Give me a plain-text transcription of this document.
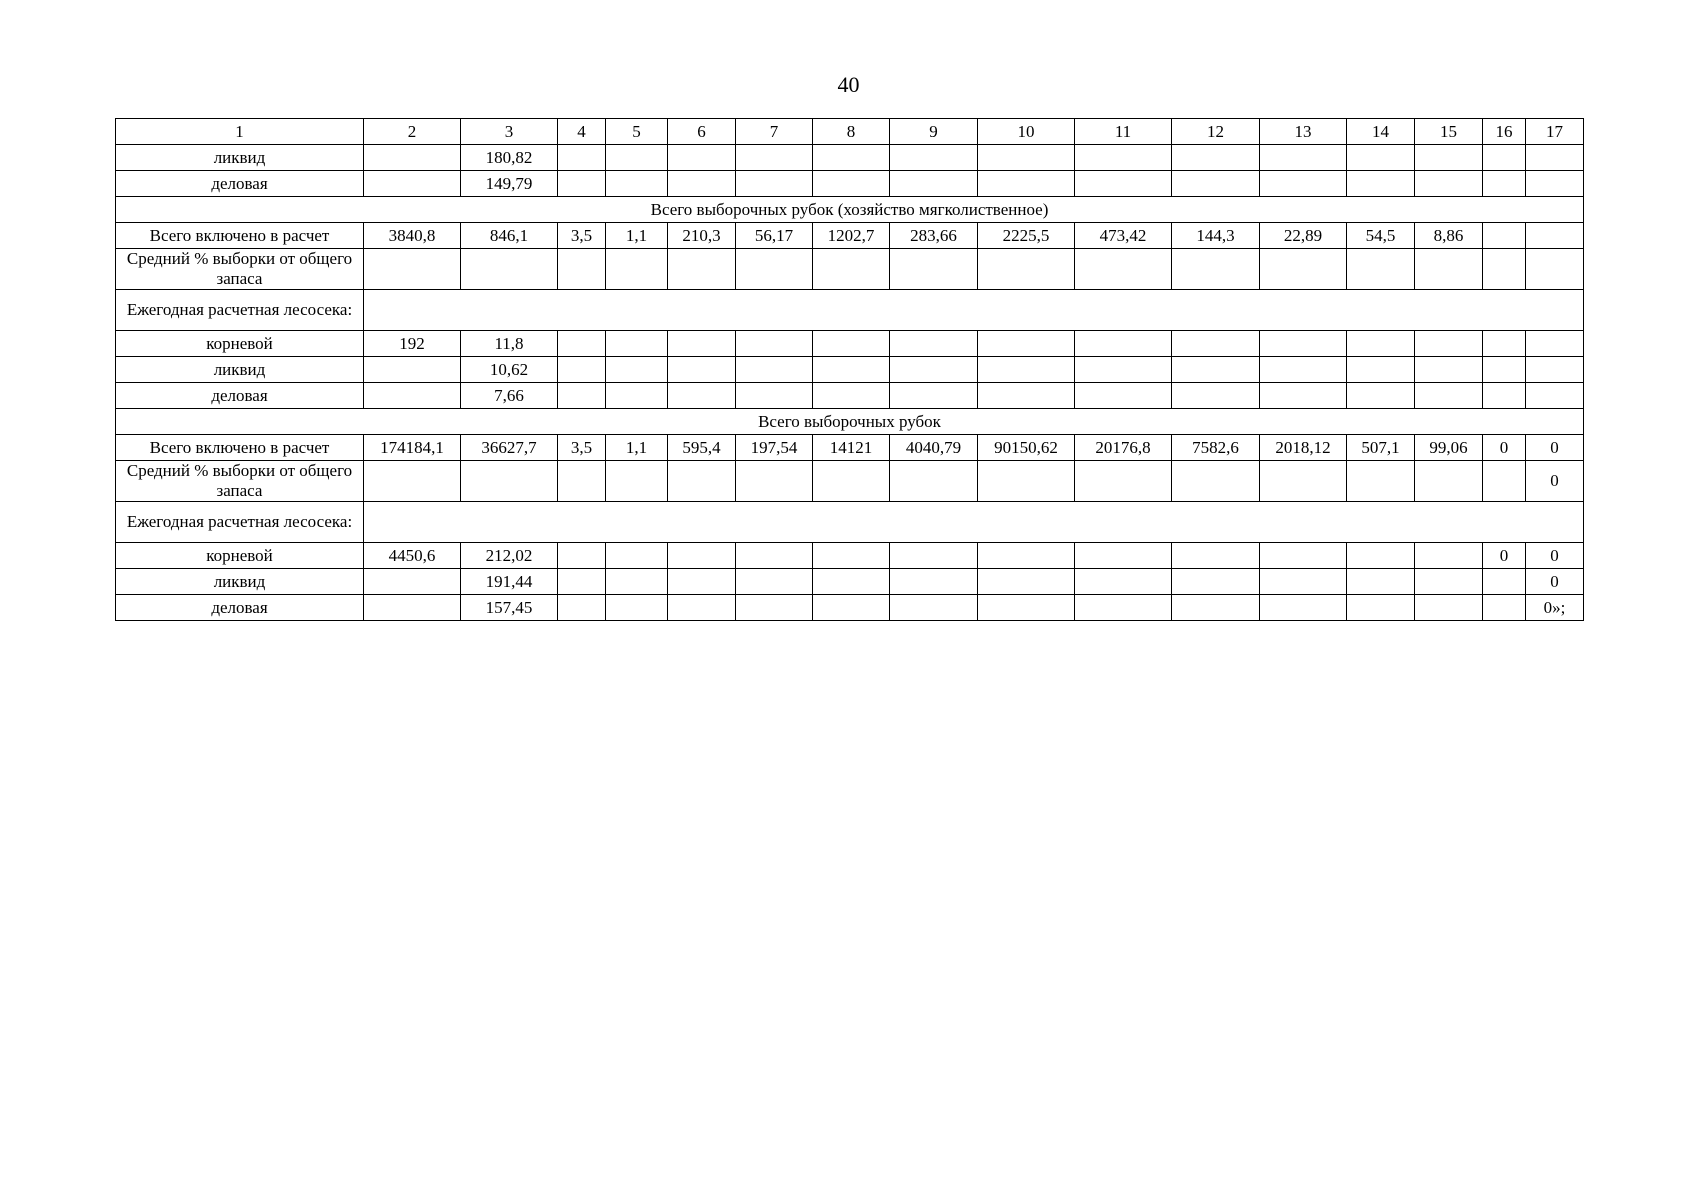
40
1	2	3	4	5	6	7	8	9	10	11	12	13	14	15	16	17
ликвид		180,82														
деловая		149,79														
Всего выборочных рубок (хозяйство мягколиственное)																
Всего включено в расчет	3840,8	846,1	3,5	1,1	210,3	56,17	1202,7	283,66	2225,5	473,42	144,3	22,89	54,5	8,86		
Средний % выборки от общего запаса																
Ежегодная расчетная лесосека:																
корневой	192	11,8														
ликвид		10,62														
деловая		7,66														
Всего выборочных рубок																
Всего включено в расчет	174184,1	36627,7	3,5	1,1	595,4	197,54	14121	4040,79	90150,62	20176,8	7582,6	2018,12	507,1	99,06	0	0
Средний % выборки от общего запаса																0
Ежегодная расчетная лесосека:																
корневой	4450,6	212,02													0	0
ликвид		191,44														0
деловая		157,45														0»;
